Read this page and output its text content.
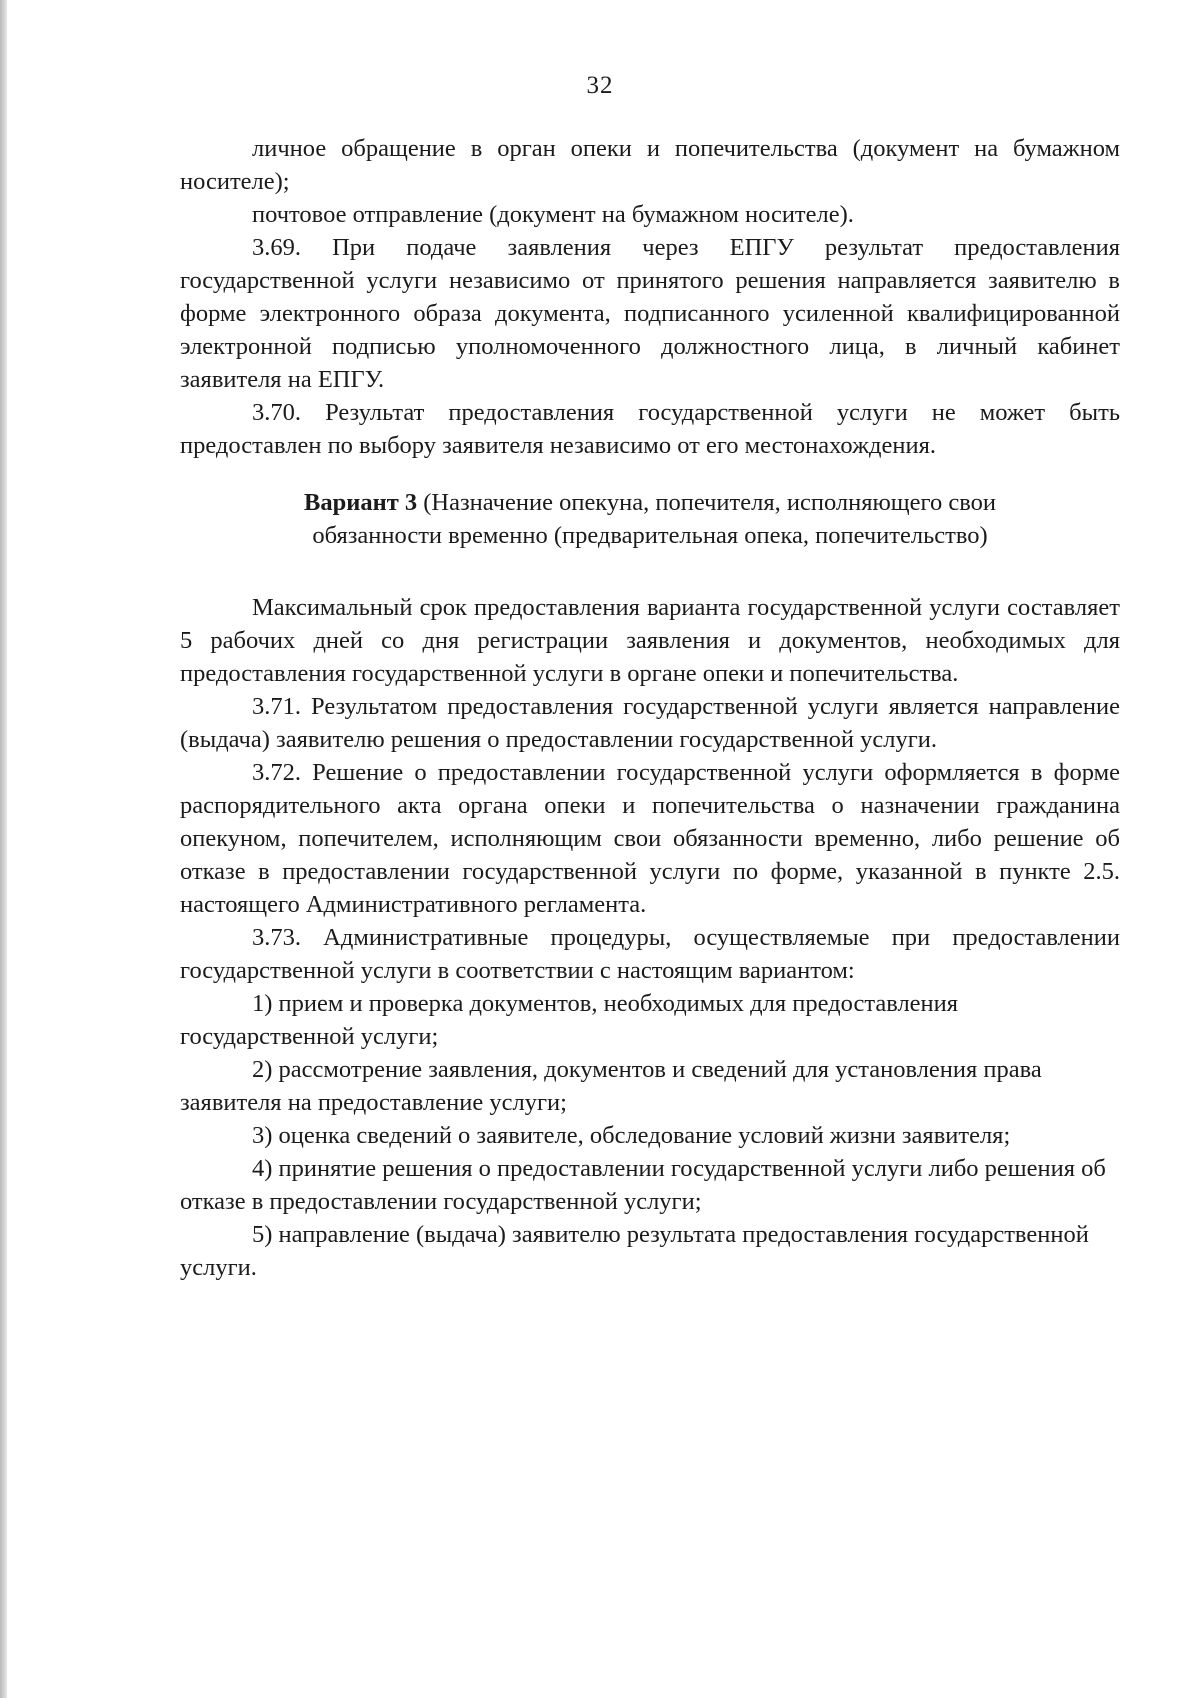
32

личное обращение в орган опеки и попечительства (документ на бумажном носителе);

почтовое отправление (документ на бумажном носителе).

3.69. При подаче заявления через ЕПГУ результат предоставления государственной услуги независимо от принятого решения направляется заявителю в форме электронного образа документа, подписанного усиленной квалифицированной электронной подписью уполномоченного должностного лица, в личный кабинет заявителя на ЕПГУ.

3.70. Результат предоставления государственной услуги не может быть предоставлен по выбору заявителя независимо от его местонахождения.

Вариант 3 (Назначение опекуна, попечителя, исполняющего свои
обязанности временно (предварительная опека, попечительство)

Максимальный срок предоставления варианта государственной услуги составляет 5 рабочих дней со дня регистрации заявления и документов, необходимых для предоставления государственной услуги в органе опеки и попечительства.

3.71. Результатом предоставления государственной услуги является направление (выдача) заявителю решения о предоставлении государственной услуги.

3.72. Решение о предоставлении государственной услуги оформляется в форме распорядительного акта органа опеки и попечительства о назначении гражданина опекуном, попечителем, исполняющим свои обязанности временно, либо решение об отказе в предоставлении государственной услуги по форме, указанной в пункте 2.5. настоящего Административного регламента.

3.73. Административные процедуры, осуществляемые при предоставлении государственной услуги в соответствии с настоящим вариантом:

1) прием и проверка документов, необходимых для предоставления государственной услуги;

2) рассмотрение заявления, документов и сведений для установления права заявителя на предоставление услуги;

3) оценка сведений о заявителе, обследование условий жизни заявителя;

4) принятие решения о предоставлении государственной услуги либо решения об отказе в предоставлении государственной услуги;

5) направление (выдача) заявителю результата предоставления государственной услуги.
